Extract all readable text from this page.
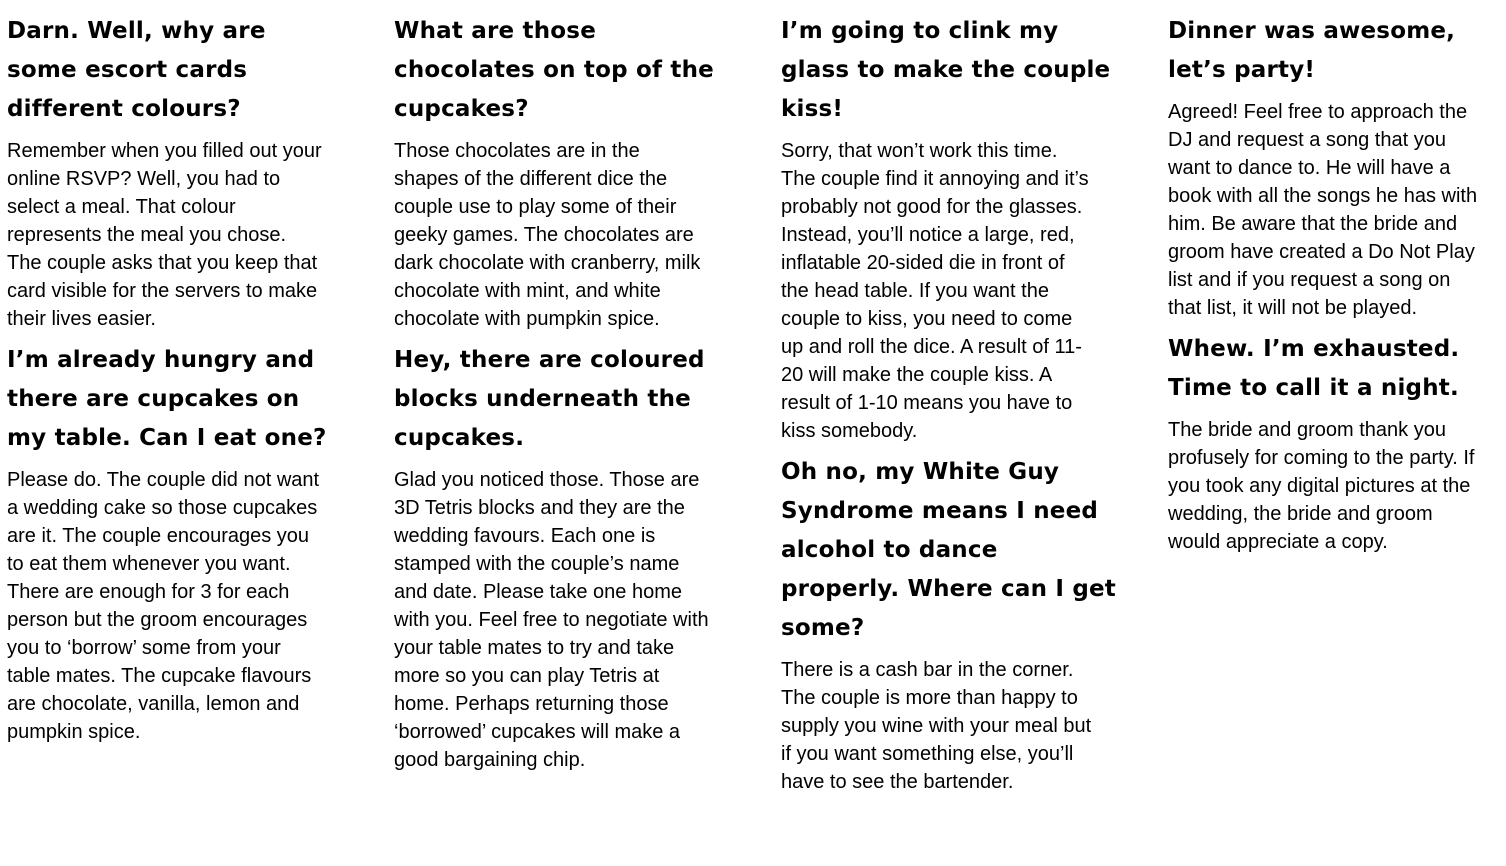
Darn. Well, why are
some escort cards
different colours?
Remember when you filled out your
online RSVP? Well, you had to
select a meal. That colour
represents the meal you chose.
The couple asks that you keep that
card visible for the servers to make
their lives easier.
I’m already hungry and
there are cupcakes on
my table. Can I eat one?
Please do. The couple did not want
a wedding cake so those cupcakes
are it. The couple encourages you
to eat them whenever you want.
There are enough for 3 for each
person but the groom encourages
you to ‘borrow’ some from your
table mates. The cupcake flavours
are chocolate, vanilla, lemon and
pumpkin spice.
What are those
chocolates on top of the
cupcakes?
Those chocolates are in the
shapes of the different dice the
couple use to play some of their
geeky games. The chocolates are
dark chocolate with cranberry, milk
chocolate with mint, and white
chocolate with pumpkin spice.
Hey, there are coloured
blocks underneath the
cupcakes.
Glad you noticed those. Those are
3D Tetris blocks and they are the
wedding favours. Each one is
stamped with the couple’s name
and date. Please take one home
with you. Feel free to negotiate with
your table mates to try and take
more so you can play Tetris at
home. Perhaps returning those
‘borrowed’ cupcakes will make a
good bargaining chip.
I’m going to clink my
glass to make the couple
kiss!
Sorry, that won’t work this time.
The couple find it annoying and it’s
probably not good for the glasses.
Instead, you’ll notice a large, red,
inflatable 20-sided die in front of
the head table. If you want the
couple to kiss, you need to come
up and roll the dice. A result of 11-
20 will make the couple kiss. A
result of 1-10 means you have to
kiss somebody.
Oh no, my White Guy
Syndrome means I need
alcohol to dance
properly. Where can I get
some?
There is a cash bar in the corner.
The couple is more than happy to
supply you wine with your meal but
if you want something else, you’ll
have to see the bartender.
Dinner was awesome,
let’s party!
Agreed! Feel free to approach the
DJ and request a song that you
want to dance to. He will have a
book with all the songs he has with
him. Be aware that the bride and
groom have created a Do Not Play
list and if you request a song on
that list, it will not be played.
Whew. I’m exhausted.
Time to call it a night.
The bride and groom thank you
profusely for coming to the party. If
you took any digital pictures at the
wedding, the bride and groom
would appreciate a copy.
